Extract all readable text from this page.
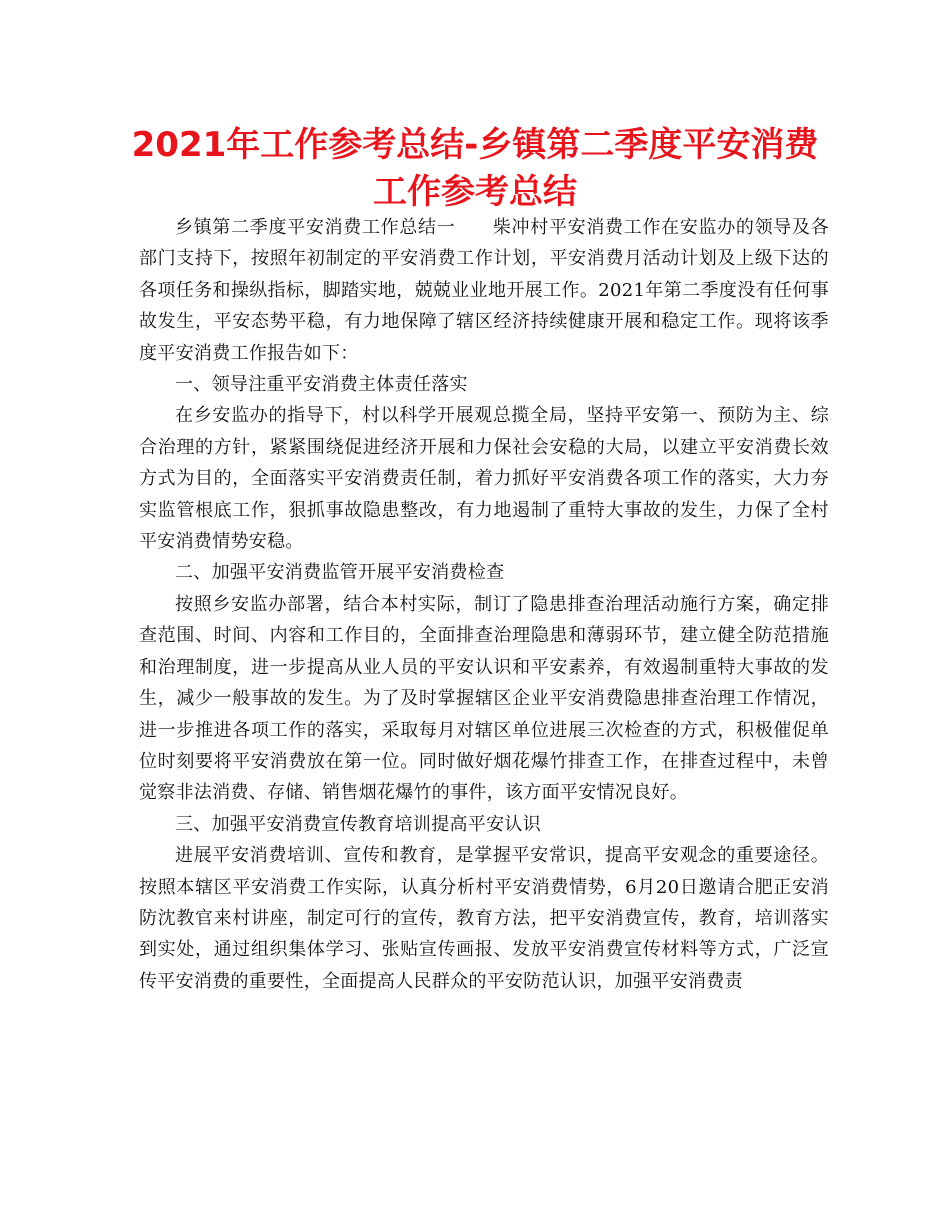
2021年工作参考总结-乡镇第二季度平安消费工作参考总结

乡镇第二季度平安消费工作总结一　　柴冲村平安消费工作在安监办的领导及各部门支持下，按照年初制定的平安消费工作计划，平安消费月活动计划及上级下达的各项任务和操纵指标，脚踏实地，兢兢业业地开展工作。2021年第二季度没有任何事故发生，平安态势平稳，有力地保障了辖区经济持续健康开展和稳定工作。现将该季度平安消费工作报告如下：

一、领导注重平安消费主体责任落实

在乡安监办的指导下，村以科学开展观总揽全局，坚持平安第一、预防为主、综合治理的方针，紧紧围绕促进经济开展和力保社会安稳的大局，以建立平安消费长效方式为目的，全面落实平安消费责任制，着力抓好平安消费各项工作的落实，大力夯实监管根底工作，狠抓事故隐患整改，有力地遏制了重特大事故的发生，力保了全村平安消费情势安稳。

二、加强平安消费监管开展平安消费检查

按照乡安监办部署，结合本村实际，制订了隐患排查治理活动施行方案，确定排查范围、时间、内容和工作目的，全面排查治理隐患和薄弱环节，建立健全防范措施和治理制度，进一步提高从业人员的平安认识和平安素养，有效遏制重特大事故的发生，减少一般事故的发生。为了及时掌握辖区企业平安消费隐患排查治理工作情况，进一步推进各项工作的落实，采取每月对辖区单位进展三次检查的方式，积极催促单位时刻要将平安消费放在第一位。同时做好烟花爆竹排查工作，在排查过程中，未曾觉察非法消费、存储、销售烟花爆竹的事件，该方面平安情况良好。

三、加强平安消费宣传教育培训提高平安认识

进展平安消费培训、宣传和教育，是掌握平安常识，提高平安观念的重要途径。按照本辖区平安消费工作实际，认真分析村平安消费情势，6月20日邀请合肥正安消防沈教官来村讲座，制定可行的宣传，教育方法，把平安消费宣传，教育，培训落实到实处，通过组织集体学习、张贴宣传画报、发放平安消费宣传材料等方式，广泛宣传平安消费的重要性，全面提高人民群众的平安防范认识，加强平安消费责
